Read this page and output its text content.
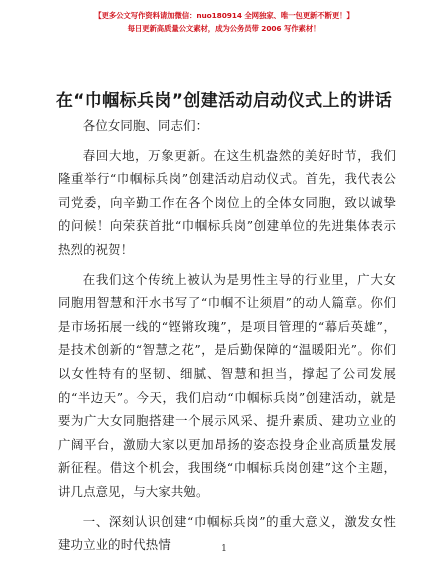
【更多公文写作资料请加微信：nuo180914 全网独家、唯一包更新不断更！】
每日更新高质量公文素材，成为公务员带 2006 写作素材！
在“巾帼标兵岗”创建活动启动仪式上的讲话

各位女同胞、同志们：

春回大地，万象更新。在这生机盎然的美好时节，我们隆重举行“巾帼标兵岗”创建活动启动仪式。首先，我代表公司党委，向辛勤工作在各个岗位上的全体女同胞，致以诚挚的问候！向荣获首批“巾帼标兵岗”创建单位的先进集体表示热烈的祝贺！

在我们这个传统上被认为是男性主导的行业里，广大女同胞用智慧和汗水书写了“巾帼不让须眉”的动人篇章。你们是市场拓展一线的“铿锵玫瑰”，是项目管理的“幕后英雄”，是技术创新的“智慧之花”，是后勤保障的“温暖阳光”。你们以女性特有的坚韧、细腻、智慧和担当，撑起了公司发展的“半边天”。今天，我们启动“巾帼标兵岗”创建活动，就是要为广大女同胞搭建一个展示风采、提升素质、建功立业的广阔平台，激励大家以更加昂扬的姿态投身企业高质量发展新征程。借这个机会，我围绕“巾帼标兵岗创建”这个主题，讲几点意见，与大家共勉。

一、深刻认识创建“巾帼标兵岗”的重大意义，激发女性建功立业的时代热情	1
